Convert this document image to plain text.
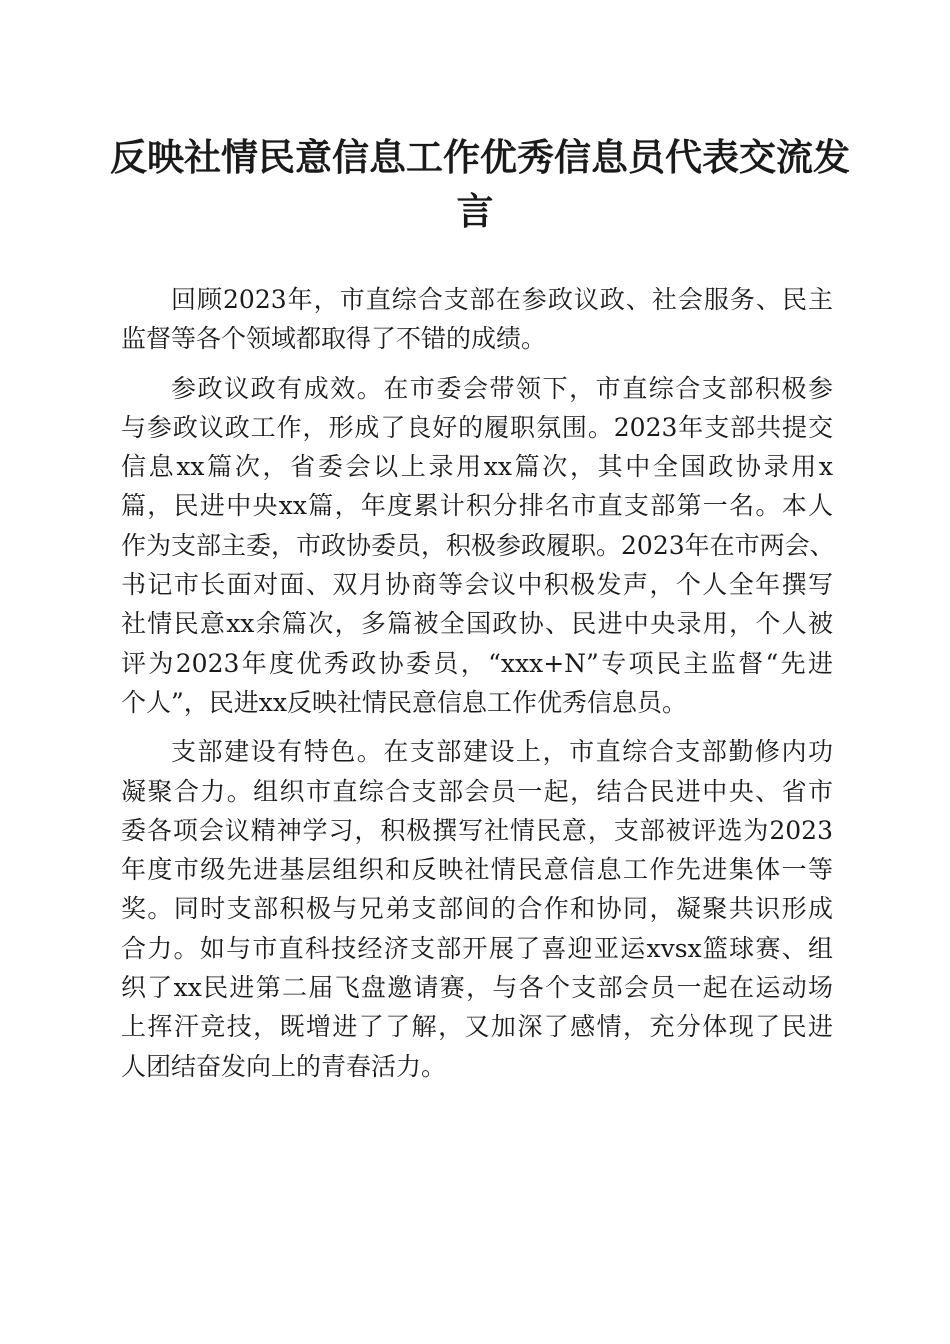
反映社情民意信息工作优秀信息员代表交流发
言

回顾2023年，市直综合支部在参政议政、社会服务、民主
监督等各个领域都取得了不错的成绩。

参政议政有成效。在市委会带领下，市直综合支部积极参
与参政议政工作，形成了良好的履职氛围。2023年支部共提交
信息xx篇次，省委会以上录用xx篇次，其中全国政协录用x
篇，民进中央xx篇，年度累计积分排名市直支部第一名。本人
作为支部主委，市政协委员，积极参政履职。2023年在市两会、
书记市长面对面、双月协商等会议中积极发声，个人全年撰写
社情民意xx余篇次，多篇被全国政协、民进中央录用，个人被
评为2023年度优秀政协委员，“xxx+N”专项民主监督“先进
个人”，民进xx反映社情民意信息工作优秀信息员。

支部建设有特色。在支部建设上，市直综合支部勤修内功
凝聚合力。组织市直综合支部会员一起，结合民进中央、省市
委各项会议精神学习，积极撰写社情民意，支部被评选为2023
年度市级先进基层组织和反映社情民意信息工作先进集体一等
奖。同时支部积极与兄弟支部间的合作和协同，凝聚共识形成
合力。如与市直科技经济支部开展了喜迎亚运xvsx篮球赛、组
织了xx民进第二届飞盘邀请赛，与各个支部会员一起在运动场
上挥汗竞技，既增进了了解，又加深了感情，充分体现了民进
人团结奋发向上的青春活力。
